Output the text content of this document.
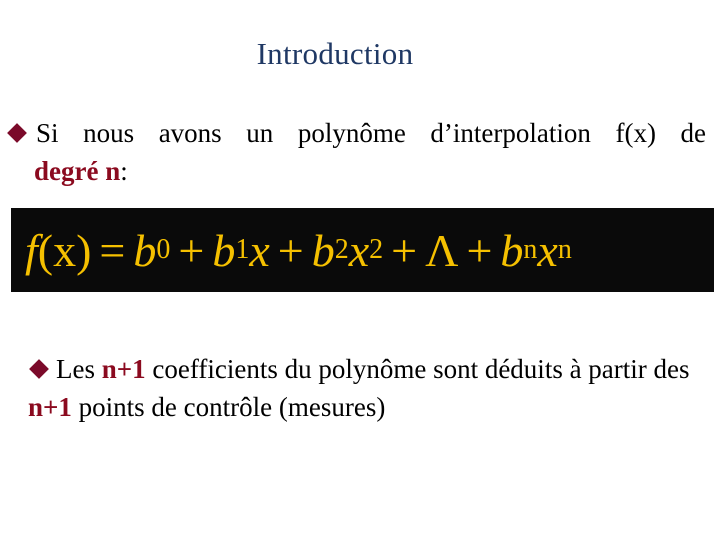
Introduction
Si nous avons un polynôme d’interpolation f(x) de
degré n:
f (x) = b 0 + b 1 x + b 2 x 2 + Λ + b n x n
Les n+1 coefficients du polynôme sont déduits à partir des n+1 points de contrôle (mesures)
